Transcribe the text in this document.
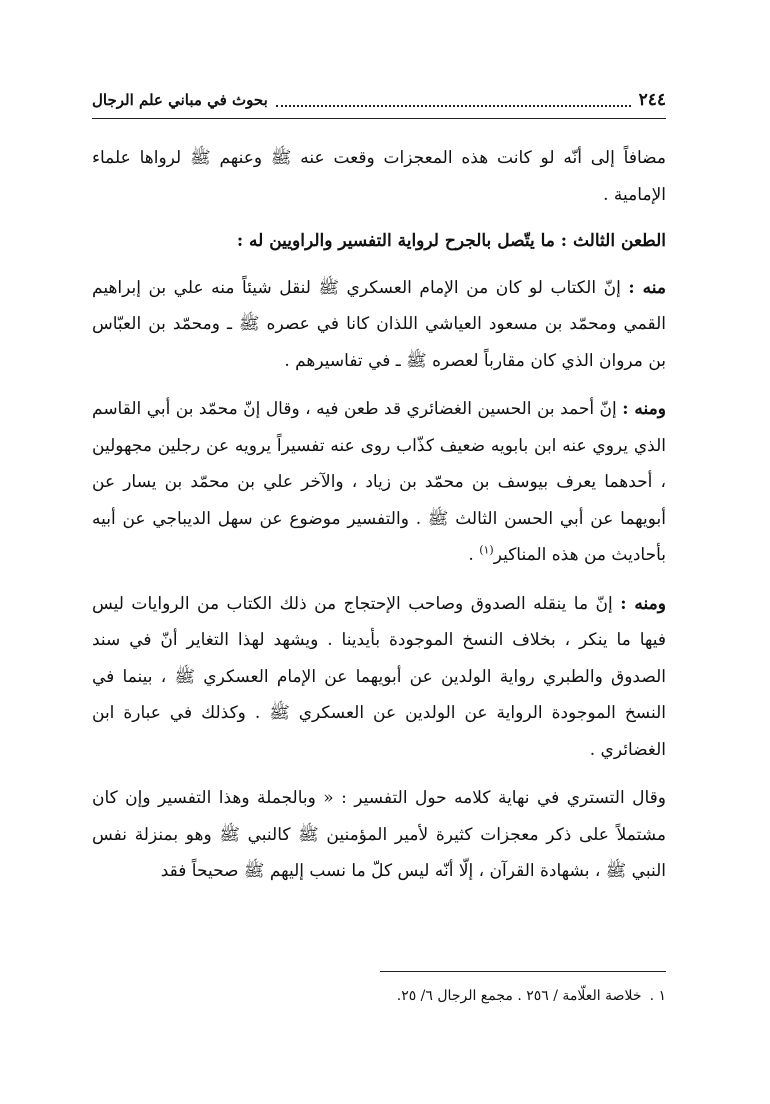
٢٤٤
بحوث في مباني علم الرجال

مضافاً إلى أنّه لو كانت هذه المعجزات وقعت عنه ﷺ وعنهم ﷺ لرواها علماء الإمامية .

الطعن الثالث : ما يتّصل بالجرح لرواية التفسير والراويين له :

منه : إنّ الكتاب لو كان من الإمام العسكري ﷺ لنقل شيئاً منه علي بن إبراهيم القمي ومحمّد بن مسعود العياشي اللذان كانا في عصره ﷺ ـ ومحمّد بن العبّاس بن مروان الذي كان مقارباً لعصره ﷺ ـ في تفاسيرهم .

ومنه : إنّ أحمد بن الحسين الغضائري قد طعن فيه ، وقال إنّ محمّد بن أبي القاسم الذي يروي عنه ابن بابويه ضعيف كذّاب روى عنه تفسيراً يرويه عن رجلين مجهولين ، أحدهما يعرف بيوسف بن محمّد بن زياد ، والآخر علي بن محمّد بن يسار عن أبويهما عن أبي الحسن الثالث ﷺ . والتفسير موضوع عن سهل الديباجي عن أبيه بأحاديث من هذه المناكير$^{(١)}$ .

ومنه : إنّ ما ينقله الصدوق وصاحب الإحتجاج من ذلك الكتاب من الروايات ليس فيها ما ينكر ، بخلاف النسخ الموجودة بأيدينا . ويشهد لهذا التغاير أنّ في سند الصدوق والطبري رواية الولدين عن أبويهما عن الإمام العسكري ﷺ ، بينما في النسخ الموجودة الرواية عن الولدين عن العسكري ﷺ . وكذلك في عبارة ابن الغضائري .

وقال التستري في نهاية كلامه حول التفسير : « وبالجملة وهذا التفسير وإن كان مشتملاً على ذكر معجزات كثيرة لأمير المؤمنين ﷺ كالنبي ﷺ وهو بمنزلة نفس النبي ﷺ ، بشهادة القرآن ، إلّا أنّه ليس كلّ ما نسب إليهم ﷺ صحيحاً فقد

١ .خلاصة العلّامة / ٢٥٦ . مجمع الرجال ٦/ ٢٥.
